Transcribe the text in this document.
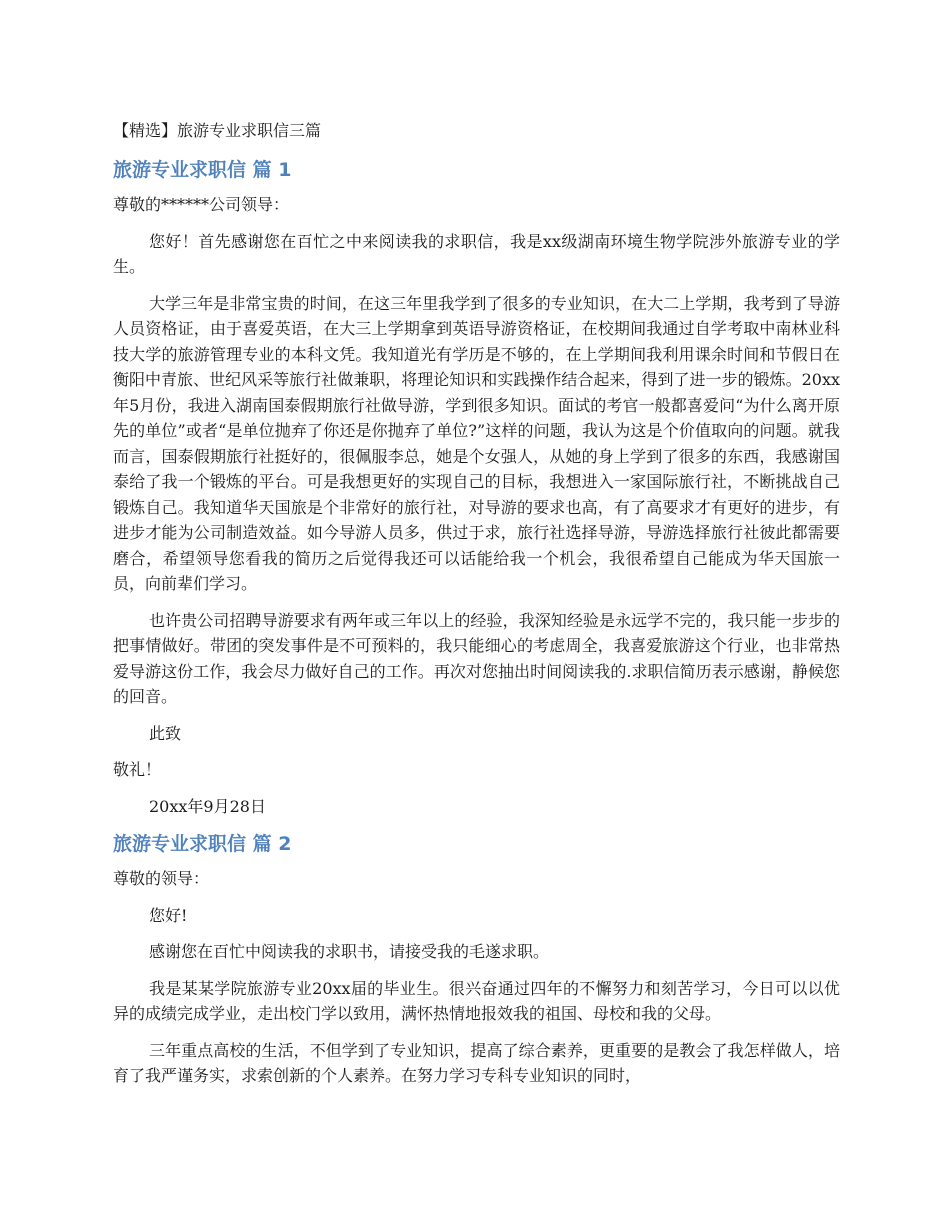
【精选】旅游专业求职信三篇
旅游专业求职信 篇 1
尊敬的******公司领导：
您好！首先感谢您在百忙之中来阅读我的求职信，我是xx级湖南环境生物学院涉外旅游专业的学生。
大学三年是非常宝贵的时间，在这三年里我学到了很多的专业知识，在大二上学期，我考到了导游人员资格证，由于喜爱英语，在大三上学期拿到英语导游资格证，在校期间我通过自学考取中南林业科技大学的旅游管理专业的本科文凭。我知道光有学历是不够的，在上学期间我利用课余时间和节假日在衡阳中青旅、世纪风采等旅行社做兼职，将理论知识和实践操作结合起来，得到了进一步的锻炼。20xx年5月份，我进入湖南国泰假期旅行社做导游，学到很多知识。面试的考官一般都喜爱问“为什么离开原先的单位”或者“是单位抛弃了你还是你抛弃了单位?”这样的问题，我认为这是个价值取向的问题。就我而言，国泰假期旅行社挺好的，很佩服李总，她是个女强人，从她的身上学到了很多的东西，我感谢国泰给了我一个锻炼的平台。可是我想更好的实现自己的目标，我想进入一家国际旅行社，不断挑战自己锻炼自己。我知道华天国旅是个非常好的旅行社，对导游的要求也高，有了高要求才有更好的进步，有进步才能为公司制造效益。如今导游人员多，供过于求，旅行社选择导游，导游选择旅行社彼此都需要磨合，希望领导您看我的简历之后觉得我还可以话能给我一个机会，我很希望自己能成为华天国旅一员，向前辈们学习。
也许贵公司招聘导游要求有两年或三年以上的经验，我深知经验是永远学不完的，我只能一步步的把事情做好。带团的突发事件是不可预料的，我只能细心的考虑周全，我喜爱旅游这个行业，也非常热爱导游这份工作，我会尽力做好自己的工作。再次对您抽出时间阅读我的.求职信简历表示感谢，静候您的回音。
此致
敬礼！
20xx年9月28日
旅游专业求职信 篇 2
尊敬的领导：
您好!
感谢您在百忙中阅读我的求职书，请接受我的毛遂求职。
我是某某学院旅游专业20xx届的毕业生。很兴奋通过四年的不懈努力和刻苦学习，今日可以以优异的成绩完成学业，走出校门学以致用，满怀热情地报效我的祖国、母校和我的父母。
三年重点高校的生活，不但学到了专业知识，提高了综合素养，更重要的是教会了我怎样做人，培育了我严谨务实，求索创新的个人素养。在努力学习专科专业知识的同时，
